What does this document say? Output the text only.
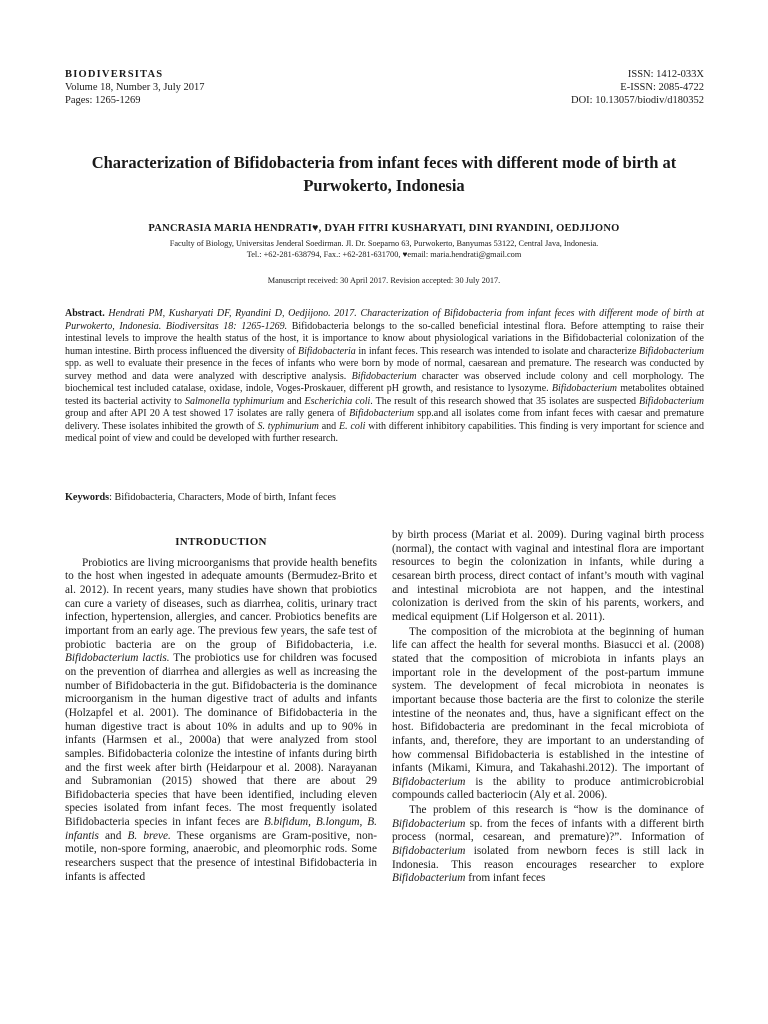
BIODIVERSITAS
Volume 18, Number 3, July 2017
Pages: 1265-1269
ISSN: 1412-033X
E-ISSN: 2085-4722
DOI: 10.13057/biodiv/d180352
Characterization of Bifidobacteria from infant feces with different mode of birth at Purwokerto, Indonesia
PANCRASIA MARIA HENDRATI♥, DYAH FITRI KUSHARYATI, DINI RYANDINI, OEDJIJONO
Faculty of Biology, Universitas Jenderal Soedirman. Jl. Dr. Soeparno 63, Purwokerto, Banyumas 53122, Central Java, Indonesia.
Tel.: +62-281-638794, Fax.: +62-281-631700, ♥email: maria.hendrati@gmail.com
Manuscript received: 30 April 2017. Revision accepted: 30 July 2017.
Abstract. Hendrati PM, Kusharyati DF, Ryandini D, Oedjijono. 2017. Characterization of Bifidobacteria from infant feces with different mode of birth at Purwokerto, Indonesia. Biodiversitas 18: 1265-1269. Bifidobacteria belongs to the so-called beneficial intestinal flora. Before attempting to raise their intestinal levels to improve the health status of the host, it is importance to know about physiological variations in the Bifidobacterial colonization of the human intestine. Birth process influenced the diversity of Bifidobacteria in infant feces. This research was intended to isolate and characterize Bifidobacterium spp. as well to evaluate their presence in the feces of infants who were born by mode of normal, caesarean and premature. The research was conducted by survey method and data were analyzed with descriptive analysis. Bifidobacterium character was observed include colony and cell morphology. The biochemical test included catalase, oxidase, indole, Voges-Proskauer, different pH growth, and resistance to lysozyme. Bifidobacterium metabolites obtained tested its bacterial activity to Salmonella typhimurium and Escherichia coli. The result of this research showed that 35 isolates are suspected Bifidobacterium group and after API 20 A test showed 17 isolates are rally genera of Bifidobacterium spp.and all isolates come from infant feces with caesar and premature delivery. These isolates inhibited the growth of S. typhimurium and E. coli with different inhibitory capabilities. This finding is very important for science and medical point of view and could be developed with further research.
Keywords: Bifidobacteria, Characters, Mode of birth, Infant feces
INTRODUCTION

Probiotics are living microorganisms that provide health benefits to the host when ingested in adequate amounts (Bermudez-Brito et al. 2012). In recent years, many studies have shown that probiotics can cure a variety of diseases, such as diarrhea, colitis, urinary tract infection, hypertension, allergies, and cancer. Probiotics benefits are important from an early age. The previous few years, the safe test of probiotic bacteria are on the group of Bifidobacteria, i.e. Bifidobacterium lactis. The probiotics use for children was focused on the prevention of diarrhea and allergies as well as increasing the number of Bifidobacteria in the gut. Bifidobacteria is the dominance microorganism in the human digestive tract of adults and infants (Holzapfel et al. 2001). The dominance of Bifidobacteria in the human digestive tract is about 10% in adults and up to 90% in infants (Harmsen et al., 2000a) that were analyzed from stool samples. Bifidobacteria colonize the intestine of infants during birth and the first week after birth (Heidarpour et al. 2008). Narayanan and Subramonian (2015) showed that there are about 29 Bifidobacteria species that have been identified, including eleven species isolated from infant feces. The most frequently isolated Bifidobacteria species in infant feces are B.bifidum, B.longum, B. infantis and B. breve. These organisms are Gram-positive, non-motile, non-spore forming, anaerobic, and pleomorphic rods. Some researchers suspect that the presence of intestinal Bifidobacteria in infants is affected

by birth process (Mariat et al. 2009). During vaginal birth process (normal), the contact with vaginal and intestinal flora are important resources to begin the colonization in infants, while during a cesarean birth process, direct contact of infant’s mouth with vaginal and intestinal microbiota are not happen, and the intestinal colonization is derived from the skin of his parents, workers, and medical equipment (Lif Holgerson et al. 2011).

The composition of the microbiota at the beginning of human life can affect the health for several months. Biasucci et al. (2008) stated that the composition of microbiota in infants plays an important role in the development of the post-partum immune system. The development of fecal microbiota in neonates is important because those bacteria are the first to colonize the sterile intestine of the neonates and, thus, have a significant effect on the host. Bifidobacteria are predominant in the fecal microbiota of infants, and, therefore, they are important to an understanding of how commensal Bifidobacteria is established in the intestine of infants (Mikami, Kimura, and Takahashi.2012). The important of Bifidobacterium is the ability to produce antimicrobicrobial compounds called bacteriocin (Aly et al. 2006).

The problem of this research is “how is the dominance of Bifidobacterium sp. from the feces of infants with a different birth process (normal, cesarean, and premature)?”. Information of Bifidobacterium isolated from newborn feces is still lack in Indonesia. This reason encourages researcher to explore Bifidobacterium from infant feces
